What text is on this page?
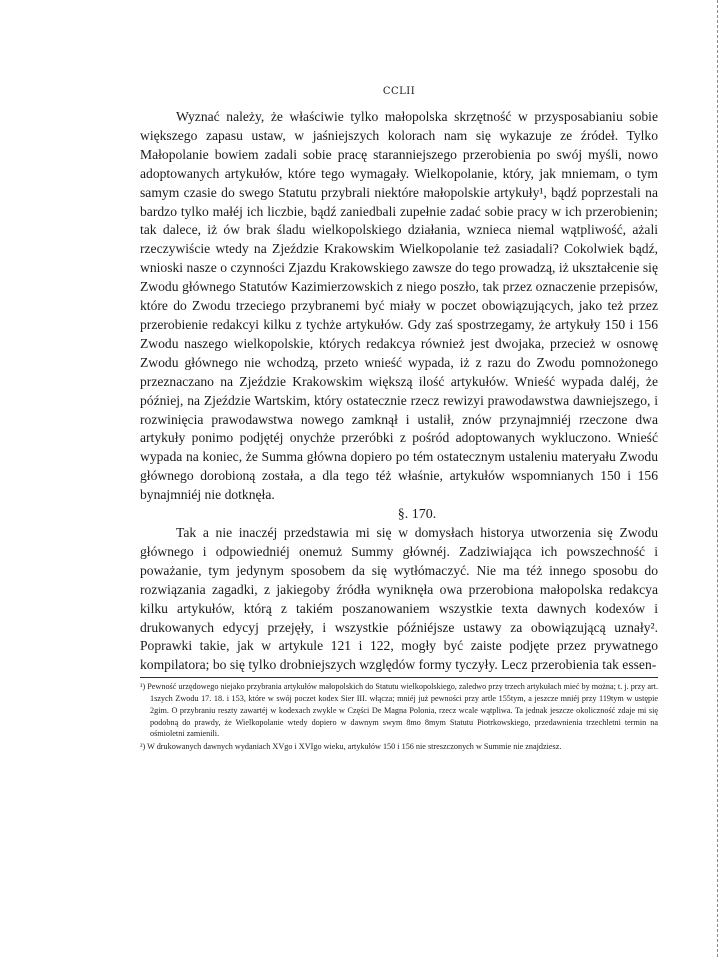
CCLII

Wyznać należy, że właściwie tylko małopolska skrzętność w przysposabianiu sobie większego zapasu ustaw, w jaśniejszych kolorach nam się wykazuje ze źródeł. Tylko Małopolanie bowiem zadali sobie pracę staranniejszego przerobienia po swój myśli, nowo adoptowanych artykułów, które tego wymagały. Wielkopolanie, który, jak mniemam, o tym samym czasie do swego Statutu przybrali niektóre małopolskie artykuły¹, bądź poprzestali na bardzo tylko małéj ich liczbie, bądź zaniedbali zupełnie zadać sobie pracy w ich przerobienin; tak dalece, iż ów brak śladu wielkopolskiego działania, wznieca niemal wątpliwość, ażali rzeczywiście wtedy na Zjeździe Krakowskim Wielkopolanie też zasiadali? Cokolwiek bądź, wnioski nasze o czynności Zjazdu Krakowskiego zawsze do tego prowadzą, iż ukształcenie się Zwodu głównego Statutów Kazimierzowskich z niego poszło, tak przez oznaczenie przepisów, które do Zwodu trzeciego przybranemi być miały w poczet obowiązujących, jako też przez przerobienie redakcyi kilku z tychże artykułów. Gdy zaś spostrzegamy, że artykuły 150 i 156 Zwodu naszego wielkopolskie, których redakcya również jest dwojaka, przecież w osnowę Zwodu głównego nie wchodzą, przeto wnieść wypada, iż z razu do Zwodu pomnożonego przeznaczano na Zjeździe Krakowskim większą ilość artykułów. Wnieść wypada daléj, że później, na Zjeździe Wartskim, który ostatecznie rzecz rewizyi prawodawstwa dawniejszego, i rozwinięcia prawodawstwa nowego zamknął i ustalił, znów przynajmniéj rzeczone dwa artykuły ponimo podjętéj onychże przeróbki z pośród adoptowanych wykluczono. Wnieść wypada na koniec, że Summa główna dopiero po tém ostatecznym ustaleniu materyału Zwodu głównego dorobioną została, a dla tego téż właśnie, artykułów wspomnianych 150 i 156 bynajmniéj nie dotknęła.

§. 170.

Tak a nie inaczéj przedstawia mi się w domysłach historya utworzenia się Zwodu głównego i odpowiedniéj onemuż Summy głównéj. Zadziwiająca ich powszechność i poważanie, tym jedynym sposobem da się wytłómaczyć. Nie ma téż innego sposobu do rozwiązania zagadki, z jakiegoby źródła wyniknęła owa przerobiona małopolska redakcya kilku artykułów, którą z takiém poszanowaniem wszystkie texta dawnych kodexów i drukowanych edycyj przejęły, i wszystkie późniéjsze ustawy za obowiązującą uznały². Poprawki takie, jak w artykule 121 i 122, mogły być zaiste podjęte przez prywatnego kompilatora; bo się tylko drobniejszych względów formy tyczyły. Lecz przerobienia tak essen-

¹) Pewność urzędowego niejako przybrania artykułów małopolskich do Statutu wielkopolskiego, zaledwo przy trzech artykułach mieć by można; t. j. przy art. 1szych Zwodu 17. 18. i 153, które w swój poczet kodex Sier III. włącza; mniéj już pewności przy artle 155tym, a jeszcze mniéj przy 119tym w ustępie 2gim. O przybraniu reszty zawartéj w kodexach zwykle w Części De Magna Polonia, rzecz wcale wątpliwa. Ta jednak jeszcze okoliczność zdaje mi się podobną do prawdy, że Wielkopolanie wtedy dopiero w dawnym swym 8mo 8mym Statutu Piotrkowskiego, przedawnienia trzechletni termin na ośmioletni zamienili.

²) W drukowanych dawnych wydaniach XVgo i XVIgo wieku, artykułów 150 i 156 nie streszczonych w Summie nie znajdziesz.
